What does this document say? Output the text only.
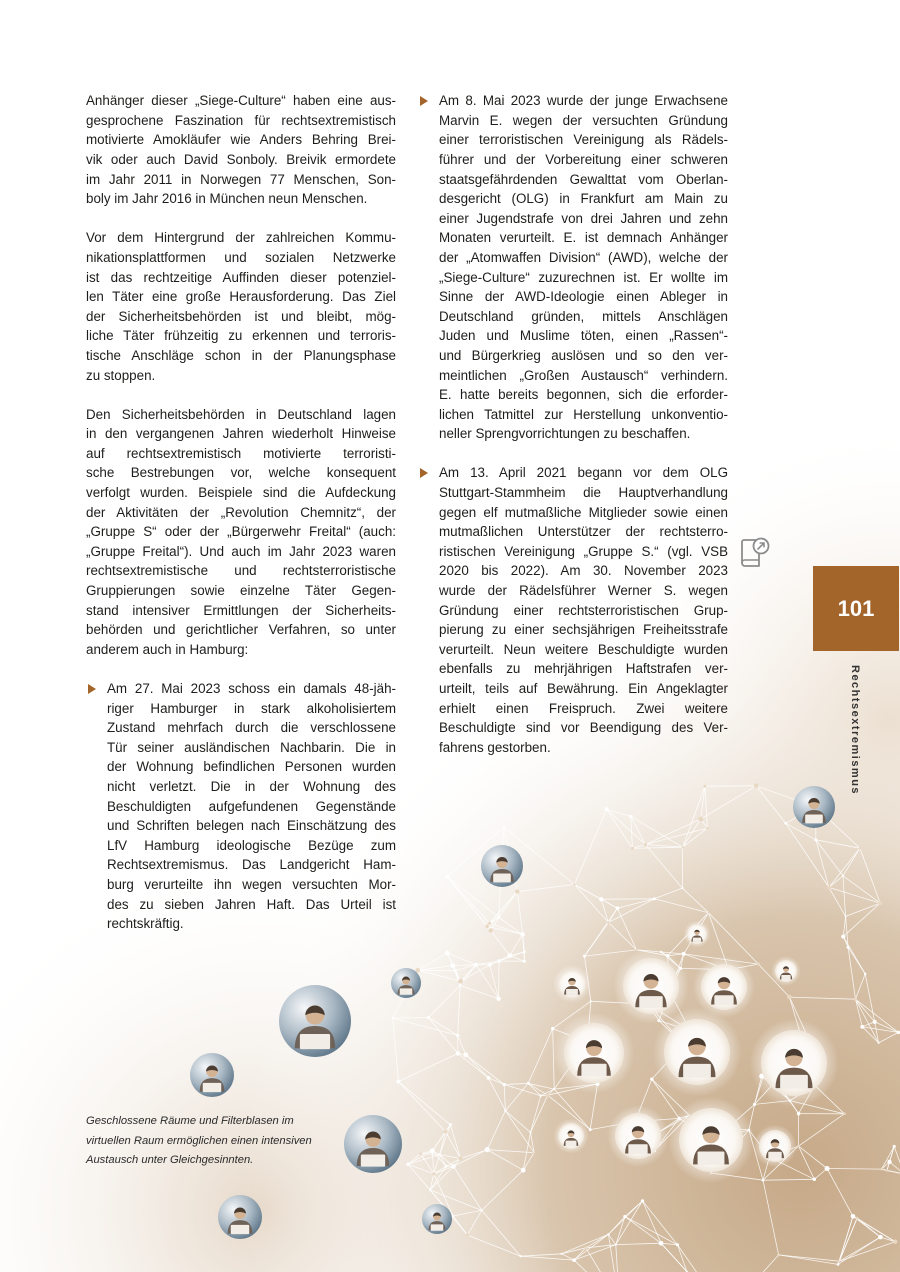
Anhänger dieser „Siege-Culture“ haben eine aus-
gesprochene Faszination für rechtsextremistisch
motivierte Amokläufer wie Anders Behring Brei-
vik oder auch David Sonboly. Breivik ermordete
im Jahr 2011 in Norwegen 77 Menschen, Son-
boly im Jahr 2016 in München neun Menschen.
Vor dem Hintergrund der zahlreichen Kommu-
nikationsplattformen und sozialen Netzwerke
ist das rechtzeitige Auffinden dieser potenziel-
len Täter eine große Herausforderung. Das Ziel
der Sicherheitsbehörden ist und bleibt, mög-
liche Täter frühzeitig zu erkennen und terroris-
tische Anschläge schon in der Planungsphase
zu stoppen.
Den Sicherheitsbehörden in Deutschland lagen
in den vergangenen Jahren wiederholt Hinweise
auf rechtsextremistisch motivierte terroristi-
sche Bestrebungen vor, welche konsequent
verfolgt wurden. Beispiele sind die Aufdeckung
der Aktivitäten der „Revolution Chemnitz“, der
„Gruppe S“ oder der „Bürgerwehr Freital“ (auch:
„Gruppe Freital“). Und auch im Jahr 2023 waren
rechtsextremistische und rechtsterroristische
Gruppierungen sowie einzelne Täter Gegen-
stand intensiver Ermittlungen der Sicherheits-
behörden und gerichtlicher Verfahren, so unter
anderem auch in Hamburg:
Am 27. Mai 2023 schoss ein damals 48-jäh-
riger Hamburger in stark alkoholisiertem
Zustand mehrfach durch die verschlossene
Tür seiner ausländischen Nachbarin. Die in
der Wohnung befindlichen Personen wurden
nicht verletzt. Die in der Wohnung des
Beschuldigten aufgefundenen Gegenstände
und Schriften belegen nach Einschätzung des
LfV Hamburg ideologische Bezüge zum
Rechtsextremismus. Das Landgericht Ham-
burg verurteilte ihn wegen versuchten Mor-
des zu sieben Jahren Haft. Das Urteil ist
rechtskräftig.
Am 8. Mai 2023 wurde der junge Erwachsene
Marvin E. wegen der versuchten Gründung
einer terroristischen Vereinigung als Rädels-
führer und der Vorbereitung einer schweren
staatsgefährdenden Gewalttat vom Oberlan-
desgericht (OLG) in Frankfurt am Main zu
einer Jugendstrafe von drei Jahren und zehn
Monaten verurteilt. E. ist demnach Anhänger
der „Atomwaffen Division“ (AWD), welche der
„Siege-Culture“ zuzurechnen ist. Er wollte im
Sinne der AWD-Ideologie einen Ableger in
Deutschland gründen, mittels Anschlägen
Juden und Muslime töten, einen „Rassen“-
und Bürgerkrieg auslösen und so den ver-
meintlichen „Großen Austausch“ verhindern.
E. hatte bereits begonnen, sich die erforder-
lichen Tatmittel zur Herstellung unkonventio-
neller Sprengvorrichtungen zu beschaffen.
Am 13. April 2021 begann vor dem OLG
Stuttgart-Stammheim die Hauptverhandlung
gegen elf mutmaßliche Mitglieder sowie einen
mutmaßlichen Unterstützer der rechtsterro-
ristischen Vereinigung „Gruppe S.“ (vgl. VSB
2020 bis 2022). Am 30. November 2023
wurde der Rädelsführer Werner S. wegen
Gründung einer rechtsterroristischen Grup-
pierung zu einer sechsjährigen Freiheitsstrafe
verurteilt. Neun weitere Beschuldigte wurden
ebenfalls zu mehrjährigen Haftstrafen ver-
urteilt, teils auf Bewährung. Ein Angeklagter
erhielt einen Freispruch. Zwei weitere
Beschuldigte sind vor Beendigung des Ver-
fahrens gestorben.
101
Rechtsextremismus
Geschlossene Räume und Filterblasen im
virtuellen Raum ermöglichen einen intensiven
Austausch unter Gleichgesinnten.
